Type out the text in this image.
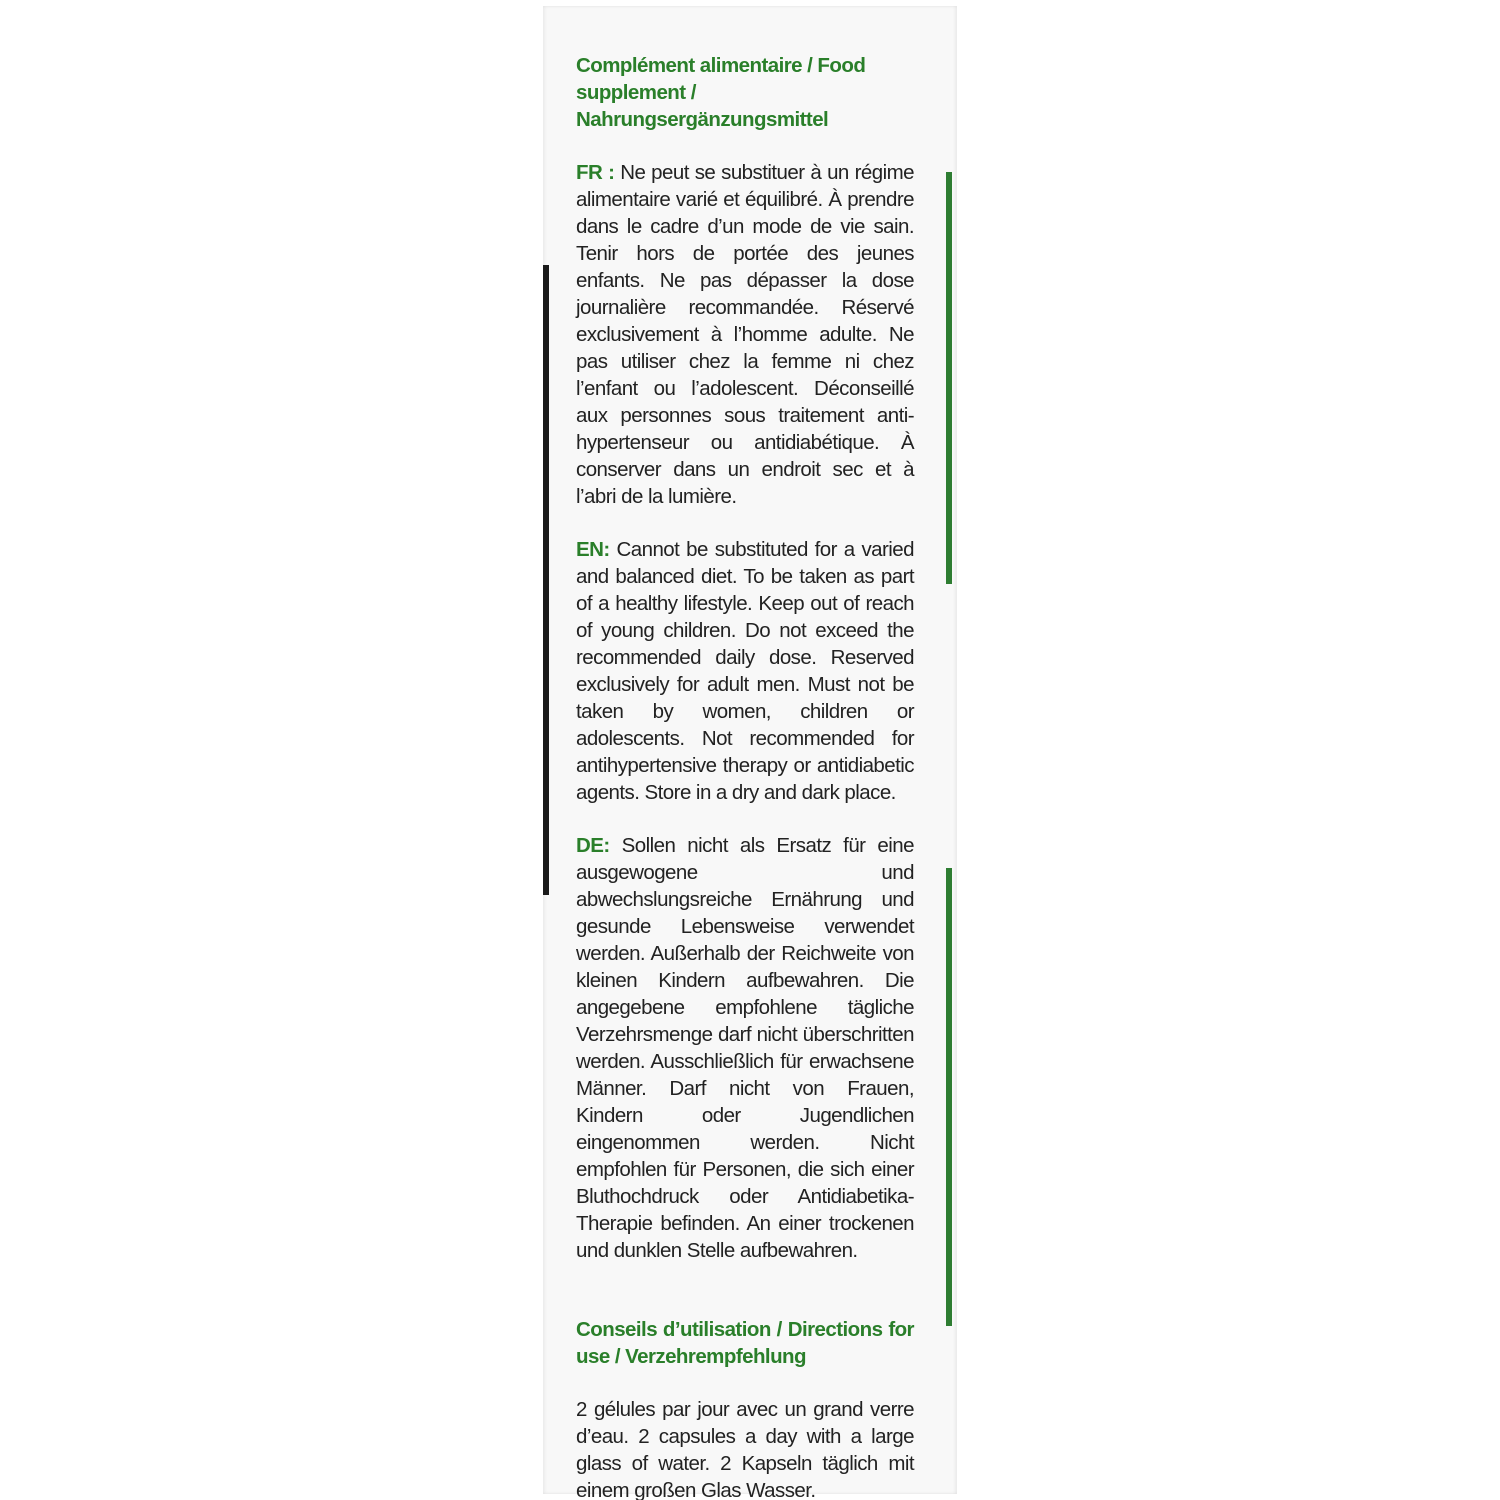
Complément alimentaire / Food supplement / Nahrungsergänzungsmittel

FR : Ne peut se substituer à un régime alimentaire varié et équilibré. À prendre dans le cadre d’un mode de vie sain. Tenir hors de portée des jeunes enfants. Ne pas dépasser la dose journalière recommandée. Réservé exclusivement à l’homme adulte. Ne pas utiliser chez la femme ni chez l’enfant ou l’adolescent. Déconseillé aux personnes sous traitement anti-hypertenseur ou antidiabétique. À conserver dans un endroit sec et à l’abri de la lumière.

EN: Cannot be substituted for a varied and balanced diet. To be taken as part of a healthy lifestyle. Keep out of reach of young children. Do not exceed the recommended daily dose. Reserved exclusively for adult men. Must not be taken by women, children or adolescents. Not recommended for antihypertensive therapy or antidiabetic agents. Store in a dry and dark place.

DE: Sollen nicht als Ersatz für eine ausgewogene und abwechslungsreiche Ernährung und gesunde Lebensweise verwendet werden. Außerhalb der Reichweite von kleinen Kindern aufbewahren. Die angegebene empfohlene tägliche Verzehrsmenge darf nicht überschritten werden. Ausschließlich für erwachsene Männer. Darf nicht von Frauen, Kindern oder Jugendlichen eingenommen werden. Nicht empfohlen für Personen, die sich einer Bluthochdruck oder Antidiabetika-Therapie befinden. An einer trockenen und dunklen Stelle aufbewahren.

Conseils d’utilisation / Directions for use / Verzehrempfehlung

2 gélules par jour avec un grand verre d’eau. 2 capsules a day with a large glass of water. 2 Kapseln täglich mit einem großen Glas Wasser.
